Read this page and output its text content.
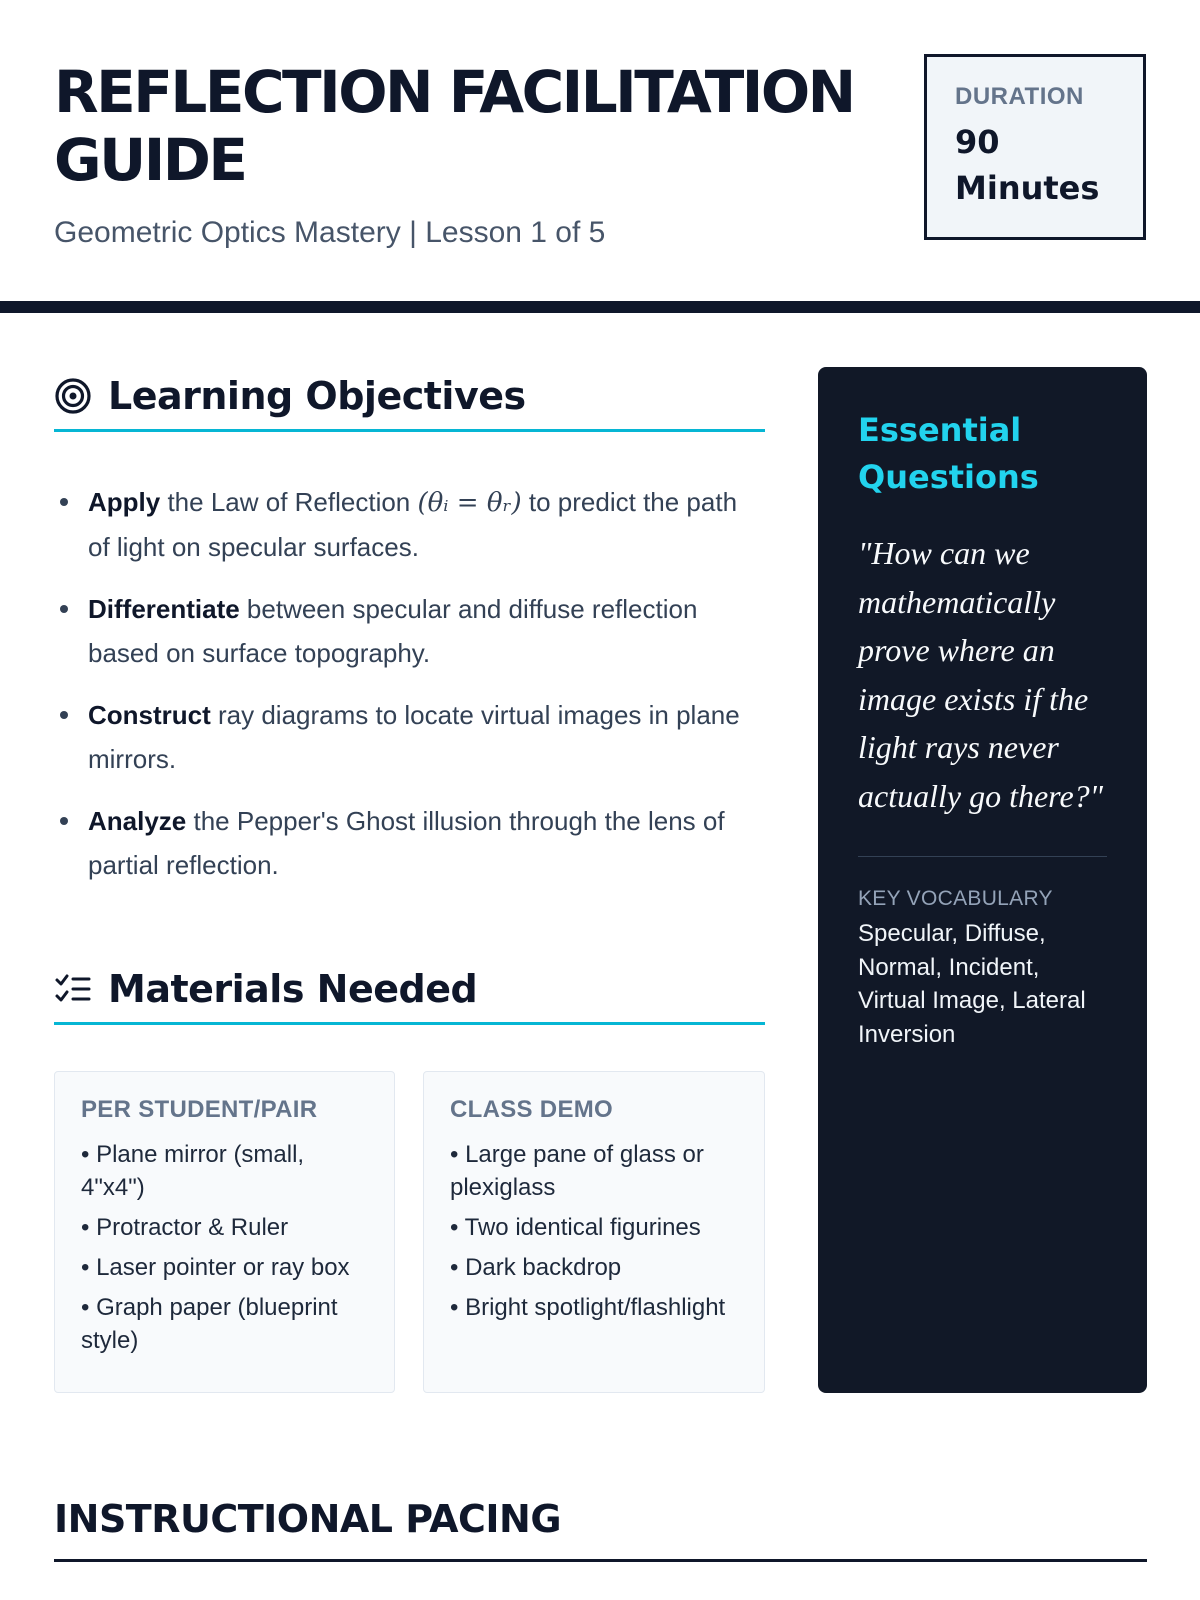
REFLECTION FACILITATION GUIDE
Geometric Optics Mastery | Lesson 1 of 5
DURATION
90 Minutes
Learning Objectives
Apply the Law of Reflection (θᵢ = θᵣ) to predict the path of light on specular surfaces.
Differentiate between specular and diffuse reflection based on surface topography.
Construct ray diagrams to locate virtual images in plane mirrors.
Analyze the Pepper's Ghost illusion through the lens of partial reflection.
Materials Needed
PER STUDENT/PAIR
• Plane mirror (small, 4"x4")
• Protractor & Ruler
• Laser pointer or ray box
• Graph paper (blueprint style)
CLASS DEMO
• Large pane of glass or plexiglass
• Two identical figurines
• Dark backdrop
• Bright spotlight/flashlight
Essential Questions
"How can we mathematically prove where an image exists if the light rays never actually go there?"
KEY VOCABULARY
Specular, Diffuse, Normal, Incident, Virtual Image, Lateral Inversion
INSTRUCTIONAL PACING
